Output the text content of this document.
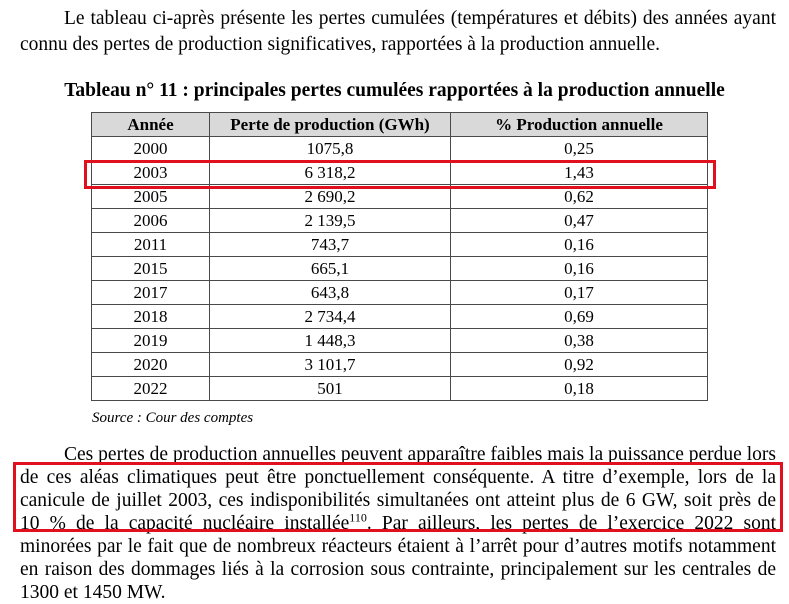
Le tableau ci-après présente les pertes cumulées (températures et débits) des années ayant connu des pertes de production significatives, rapportées à la production annuelle.

Tableau n° 11 : principales pertes cumulées rapportées à la production annuelle

Année	Perte de production (GWh)	% Production annuelle
2000	1075,8	0,25
2003	6 318,2	1,43
2005	2 690,2	0,62
2006	2 139,5	0,47
2011	743,7	0,16
2015	665,1	0,16
2017	643,8	0,17
2018	2 734,4	0,69
2019	1 448,3	0,38
2020	3 101,7	0,92
2022	501	0,18

Source : Cour des comptes

Ces pertes de production annuelles peuvent apparaître faibles mais la puissance perdue lors de ces aléas climatiques peut être ponctuellement conséquente. A titre d’exemple, lors de la canicule de juillet 2003, ces indisponibilités simultanées ont atteint plus de 6 GW, soit près de 10 % de la capacité nucléaire installée$^{110}$. Par ailleurs, les pertes de l’exercice 2022 sont minorées par le fait que de nombreux réacteurs étaient à l’arrêt pour d’autres motifs notamment en raison des dommages liés à la corrosion sous contrainte, principalement sur les centrales de 1300 et 1450 MW.
